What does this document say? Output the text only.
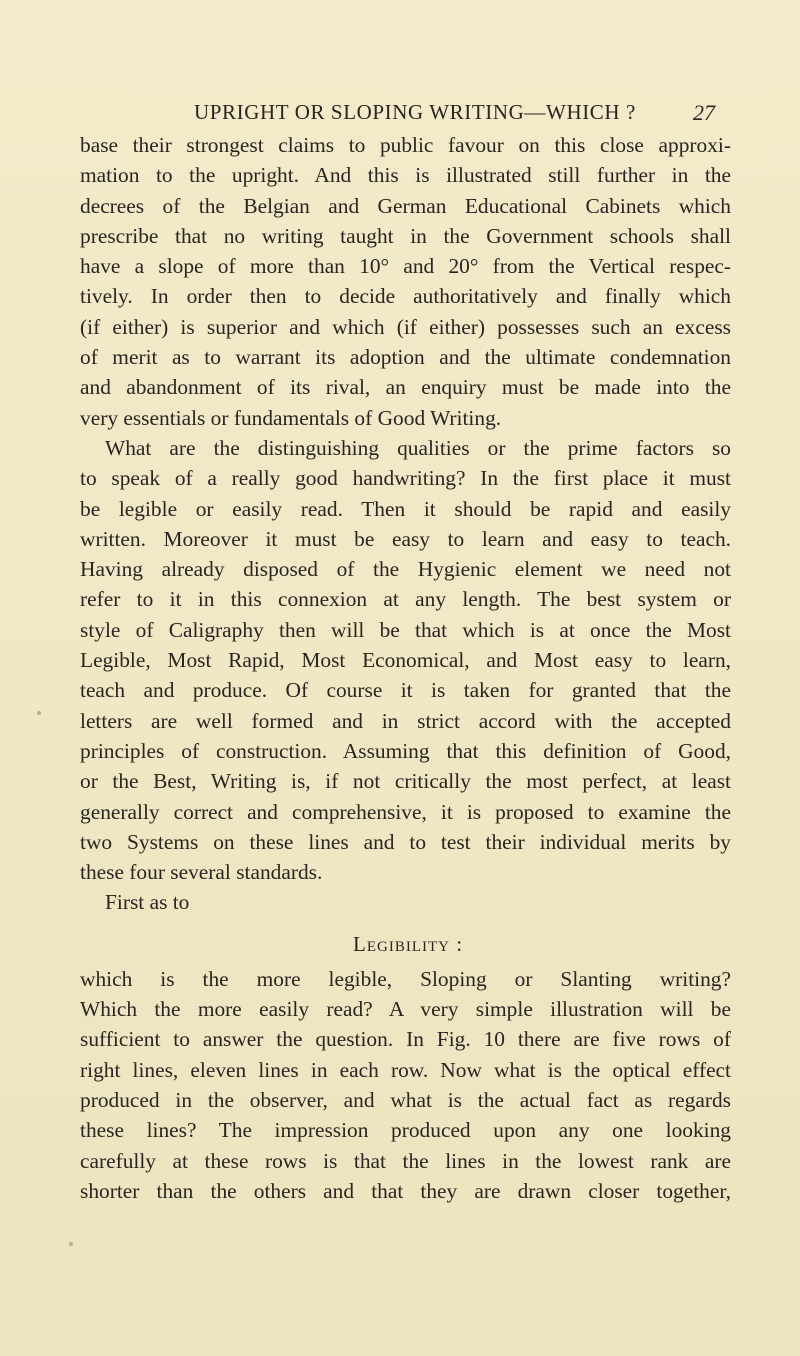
UPRIGHT OR SLOPING WRITING—WHICH ?	27
base their strongest claims to public favour on this close approxi-
mation to the upright. And this is illustrated still further in the
decrees of the Belgian and German Educational Cabinets which
prescribe that no writing taught in the Government schools shall
have a slope of more than 10° and 20° from the Vertical respec-
tively. In order then to decide authoritatively and finally which
(if either) is superior and which (if either) possesses such an excess
of merit as to warrant its adoption and the ultimate condemnation
and abandonment of its rival, an enquiry must be made into the
very essentials or fundamentals of Good Writing.
What are the distinguishing qualities or the prime factors so
to speak of a really good handwriting? In the first place it must
be legible or easily read. Then it should be rapid and easily
written. Moreover it must be easy to learn and easy to teach.
Having already disposed of the Hygienic element we need not
refer to it in this connexion at any length. The best system or
style of Caligraphy then will be that which is at once the Most
Legible, Most Rapid, Most Economical, and Most easy to learn,
teach and produce. Of course it is taken for granted that the
letters are well formed and in strict accord with the accepted
principles of construction. Assuming that this definition of Good,
or the Best, Writing is, if not critically the most perfect, at least
generally correct and comprehensive, it is proposed to examine the
two Systems on these lines and to test their individual merits by
these four several standards.
First as to
Legibility :
which is the more legible, Sloping or Slanting writing?
Which the more easily read? A very simple illustration will be
sufficient to answer the question. In Fig. 10 there are five rows of
right lines, eleven lines in each row. Now what is the optical effect
produced in the observer, and what is the actual fact as regards
these lines? The impression produced upon any one looking
carefully at these rows is that the lines in the lowest rank are
shorter than the others and that they are drawn closer together,
